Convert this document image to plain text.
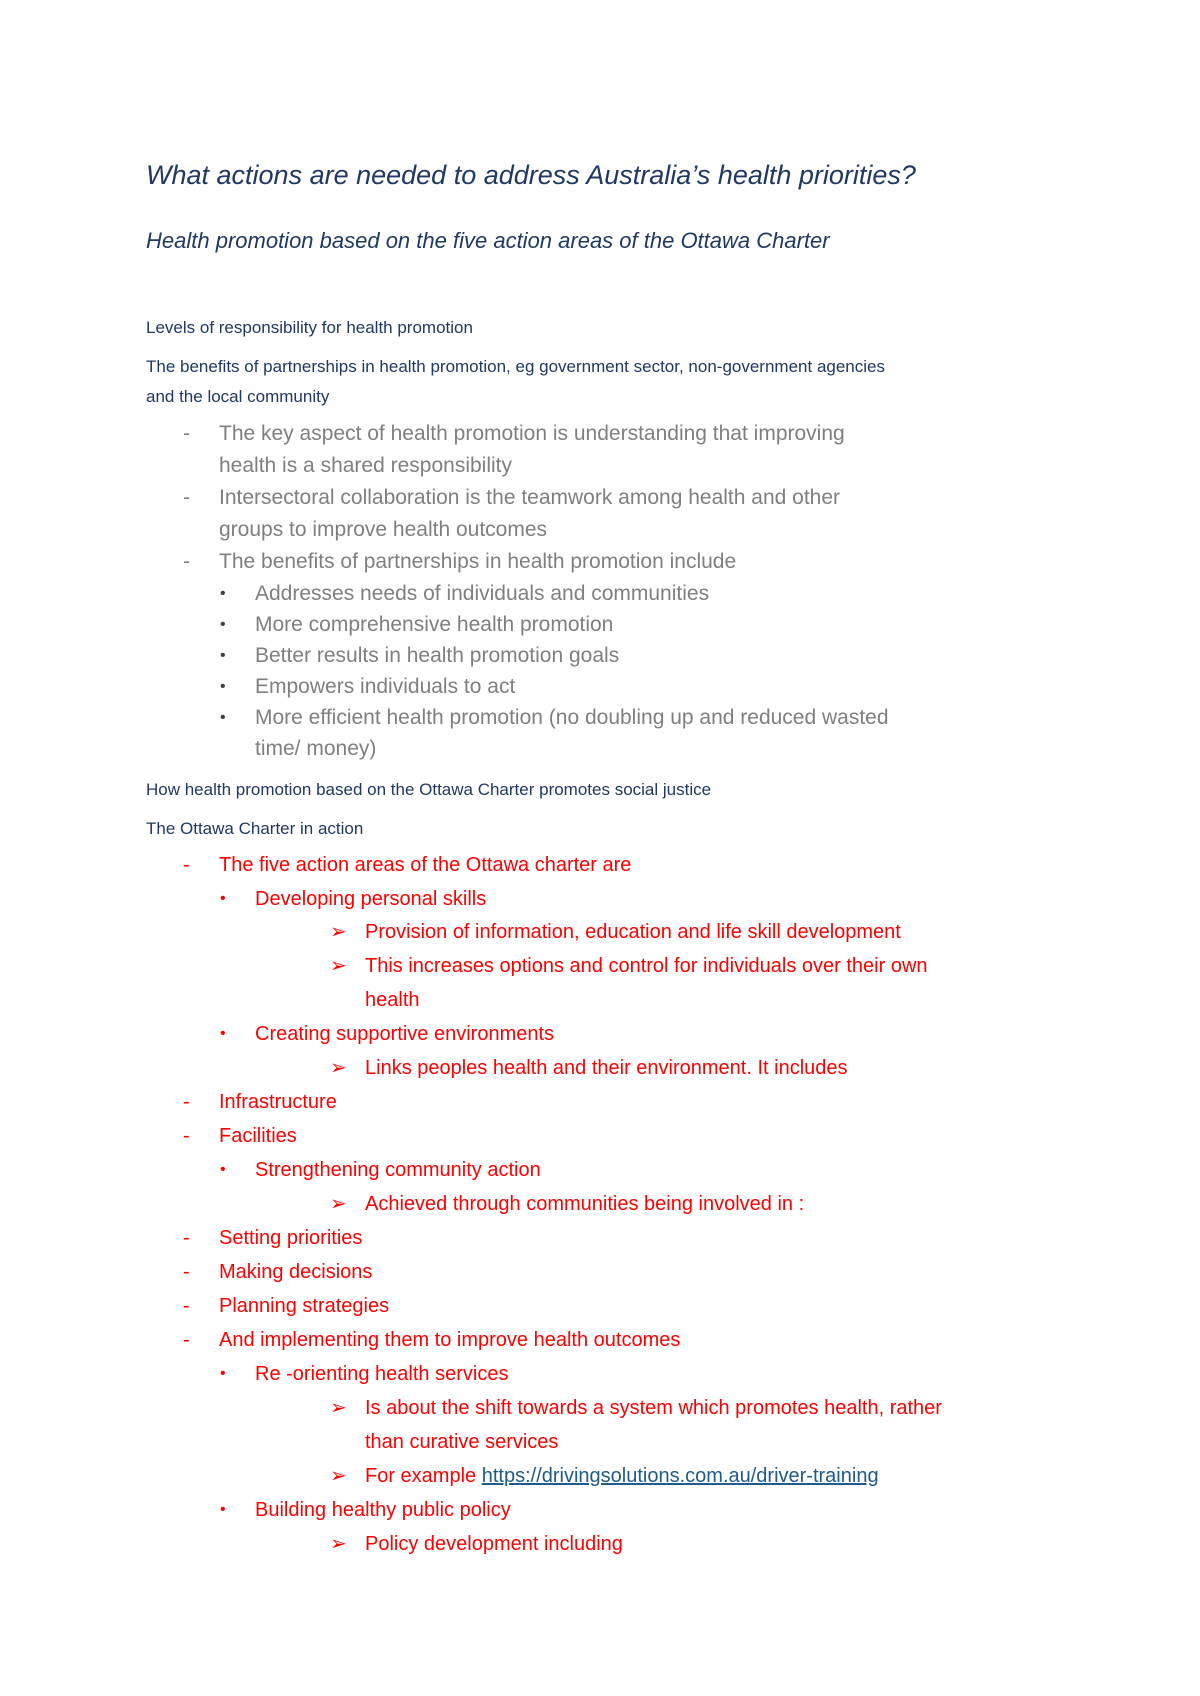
What actions are needed to address Australia’s health priorities?
Health promotion based on the five action areas of the Ottawa Charter

Levels of responsibility for health promotion

The benefits of partnerships in health promotion, eg government sector, non-government agencies

and the local community

- The key aspect of health promotion is understanding that improving
health is a shared responsibility
- Intersectoral collaboration is the teamwork among health and other
groups to improve health outcomes
- The benefits of partnerships in health promotion include
• Addresses needs of individuals and communities
• More comprehensive health promotion
• Better results in health promotion goals
• Empowers individuals to act
• More efficient health promotion (no doubling up and reduced wasted
time/ money)

How health promotion based on the Ottawa Charter promotes social justice

The Ottawa Charter in action

- The five action areas of the Ottawa charter are
• Developing personal skills
➢ Provision of information, education and life skill development
➢ This increases options and control for individuals over their own
health
• Creating supportive environments
➢ Links peoples health and their environment. It includes
- Infrastructure
- Facilities
• Strengthening community action
➢ Achieved through communities being involved in :
- Setting priorities
- Making decisions
- Planning strategies
- And implementing them to improve health outcomes
• Re -orienting health services
➢ Is about the shift towards a system which promotes health, rather
than curative services
➢ For example https://drivingsolutions.com.au/driver-training
• Building healthy public policy
➢ Policy development including
